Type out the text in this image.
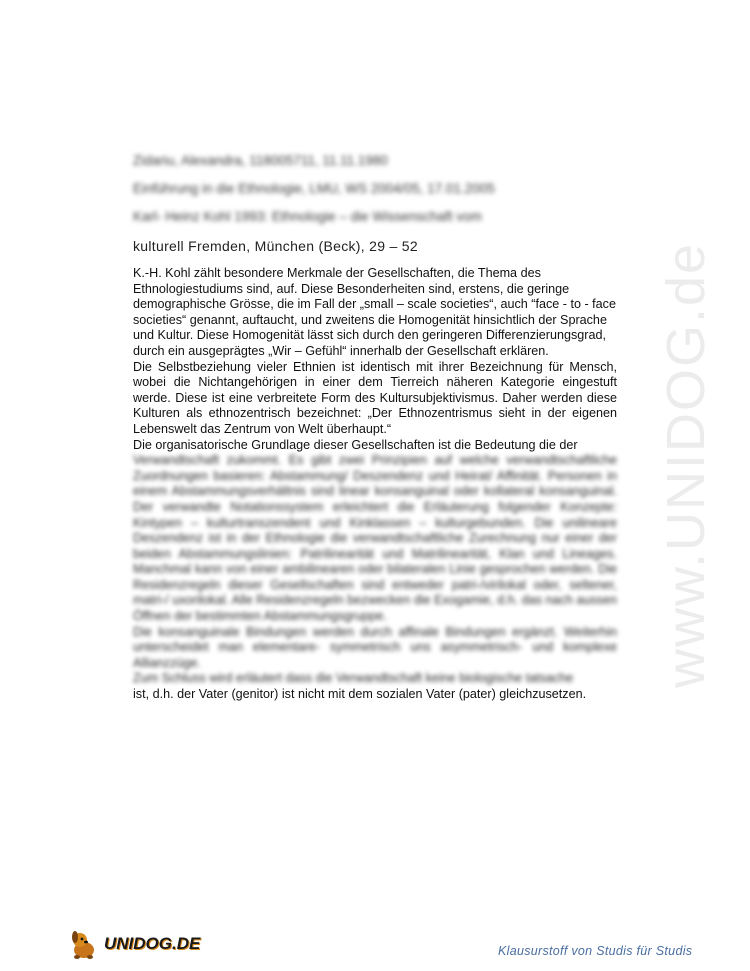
Zidariu, Alexandra, 118005711, 11.11.1980
Einführung in die Ethnologie, LMU, WS 2004/05, 17.01.2005
Karl- Heinz Kohl 1993: Ethnologie – die Wissenschaft vom
kulturell Fremden, München (Beck), 29 – 52

K.-H. Kohl zählt besondere Merkmale der Gesellschaften, die Thema des Ethnologiestudiums sind, auf. Diese Besonderheiten sind, erstens, die geringe demographische Grösse, die im Fall der „small – scale societies“, auch “face - to - face societies“ genannt, auftaucht, und zweitens die Homogenität hinsichtlich der Sprache und Kultur. Diese Homogenität lässt sich durch den geringeren Differenzierungsgrad, durch ein ausgeprägtes „Wir – Gefühl“ innerhalb der Gesellschaft erklären.

Die Selbstbeziehung vieler Ethnien ist identisch mit ihrer Bezeichnung für Mensch, wobei die Nichtangehörigen in einer dem Tierreich näheren Kategorie eingestuft werde. Diese ist eine verbreitete Form des Kultursubjektivismus. Daher werden diese Kulturen als ethnozentrisch bezeichnet: „Der Ethnozentrismus sieht in der eigenen Lebenswelt das Zentrum von Welt überhaupt.“

Die organisatorische Grundlage dieser Gesellschaften ist die Bedeutung die der

Verwandtschaft zukommt. Es gibt zwei Prinzipien auf welche verwandtschaftliche Zuordnungen basieren: Abstammung/ Deszendenz und Heirat/ Affinität. Personen in einem Abstammungsverhältnis sind linear konsanguinal oder kollateral konsanguinal. Der verwandte Notationssystem erleichtert die Erläuterung folgender Konzepte: Kintypen – kulturtranszendent und Kinklassen – kulturgebunden. Die unilineare Deszendenz ist in der Ethnologie die verwandtschaftliche Zurechnung nur einer der beiden Abstammungslinien: Patrilinearität und Matrilinearität, Klan und Lineages. Manchmal kann von einer ambilinearen oder bilateralen Linie gesprochen werden. Die Residenzregeln dieser Gesellschaften sind entweder patri-/virilokal oder, seltener, matri-/ uxorilokal. Alle Residenzregeln bezwecken die Exogamie, d.h. das nach aussen Öffnen der bestimmten Abstammungsgruppe.

Die konsanguinale Bindungen werden durch affinale Bindungen ergänzt. Weiterhin unterscheidet man elementare- symmetrisch uns asymmetrisch- und komplexe Allianzzüge.

Zum Schluss wird erläutert dass die Verwandtschaft keine biologische tatsache

ist, d.h. der Vater (genitor) ist nicht mit dem sozialen Vater (pater) gleichzusetzen.

www.UNIDOG.de
UNIDOG.DE	Klausurstoff von Studis für Studis
